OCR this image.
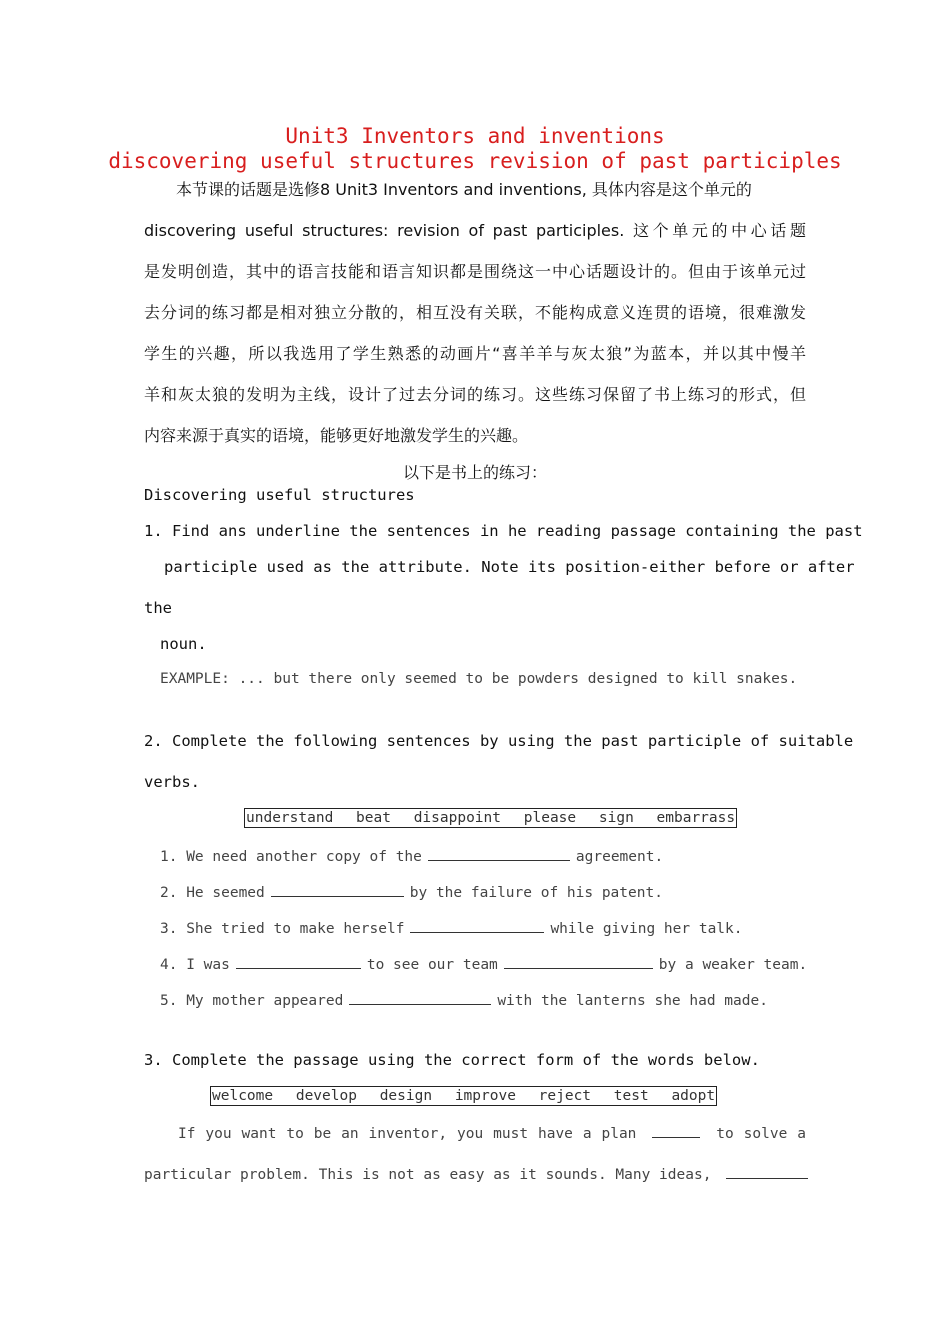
Unit3 Inventors and inventions
discovering useful structures revision of past participles
本节课的话题是选修8 Unit3 Inventors and inventions, 具体内容是这个单元的
discovering useful structures: revision of past participles. 这个单元的中心话题
是发明创造，其中的语言技能和语言知识都是围绕这一中心话题设计的。但由于该单元过
去分词的练习都是相对独立分散的，相互没有关联，不能构成意义连贯的语境，很难激发
学生的兴趣，所以我选用了学生熟悉的动画片“喜羊羊与灰太狼”为蓝本，并以其中慢羊
羊和灰太狼的发明为主线，设计了过去分词的练习。这些练习保留了书上练习的形式，但
内容来源于真实的语境，能够更好地激发学生的兴趣。
以下是书上的练习：
Discovering useful structures
1. Find ans underline the sentences in he reading passage containing the past
participle used as the attribute. Note its position-either before or after
the
noun.
EXAMPLE: ... but there only seemed to be powders designed to kill snakes.
2. Complete the following sentences by using the past participle of suitable
verbs.
understand beat disappoint please sign embarrass
1. We need another copy of the	agreement.
2. He seemed	by the failure of his patent.
3. She tried to make herself	while giving her talk.
4. I was	to see our team	by a weaker team.
5. My mother appeared	with the lanterns she had made.
3. Complete the passage using the correct form of the words below.
welcome develop design improve reject test adopt
If you want to be an inventor, you must have a plan	to solve a
particular problem. This is not as easy as it sounds. Many ideas,
